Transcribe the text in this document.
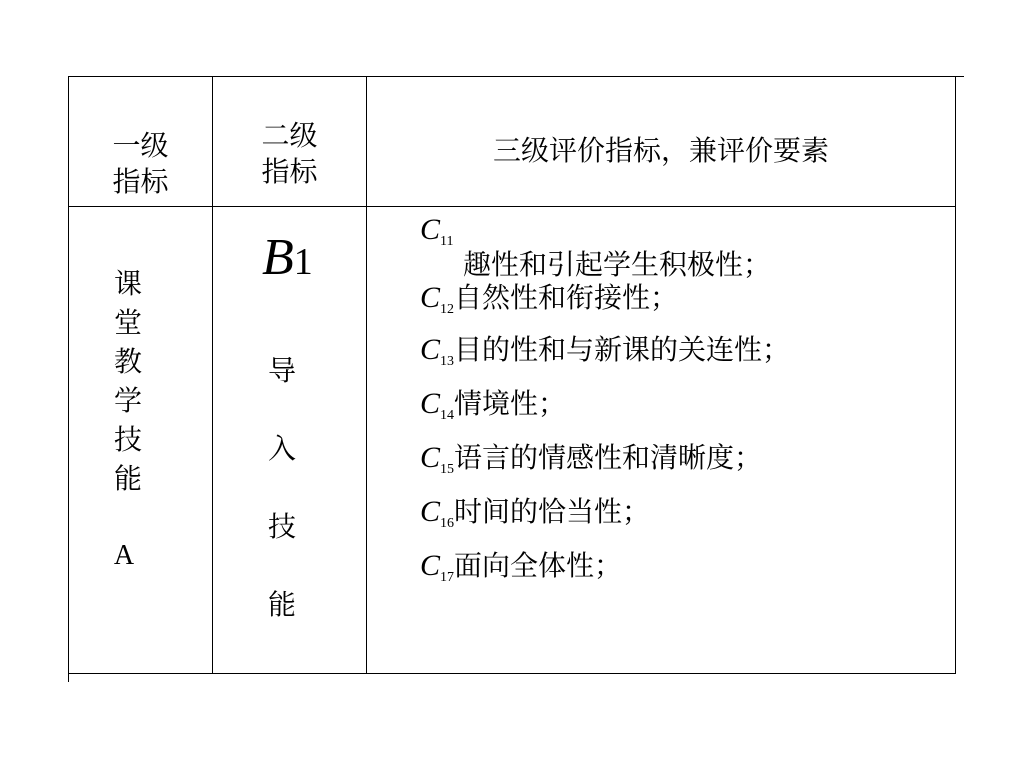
一级
指标
二级
指标
三级评价指标，兼评价要素
课
堂
教
学
技
能
A
B1
导
入
技
能
$C_{11}$
趣性和引起学生积极性；
$C_{12}$自然性和衔接性；
$C_{13}$目的性和与新课的关连性；
$C_{14}$情境性；
$C_{15}$语言的情感性和清晰度；
$C_{16}$时间的恰当性；
$C_{17}$面向全体性；
